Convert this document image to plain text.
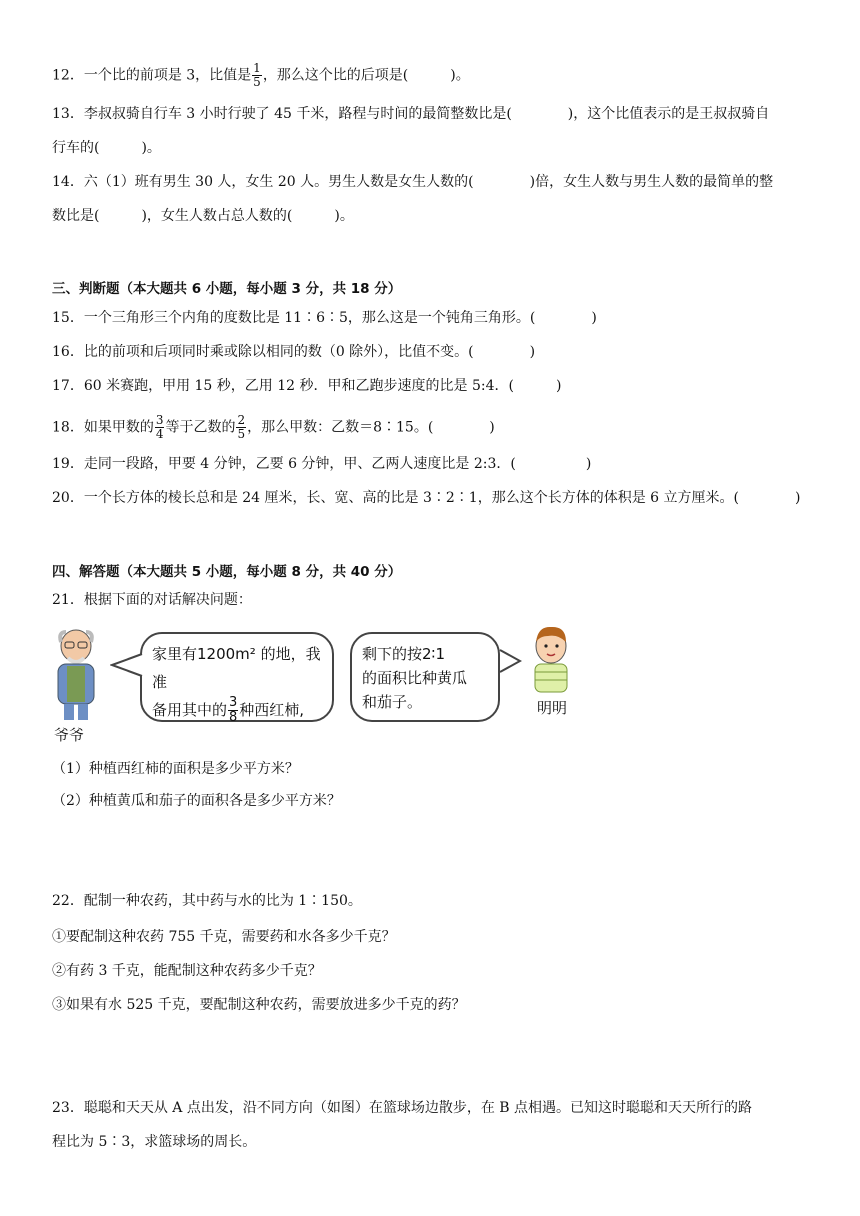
12．一个比的前项是 3，比值是 $\frac{1}{5}$ ，那么这个比的后项是(　　　)。
13．李叔叔骑自行车 3 小时行驶了 45 千米，路程与时间的最简整数比是(　　　　)，这个比值表示的是王叔叔骑自
行车的(　　　)。
14．六（1）班有男生 30 人，女生 20 人。男生人数是女生人数的(　　　　)倍，女生人数与男生人数的最简单的整
数比是(　　　)，女生人数占总人数的(　　　)。
三、判断题（本大题共 6 小题，每小题 3 分，共 18 分）
15．一个三角形三个内角的度数比是 11∶6∶5，那么这是一个钝角三角形。(　　　　)
16．比的前项和后项同时乘或除以相同的数（0 除外），比值不变。(　　　　)
17．60 米赛跑，甲用 15 秒，乙用 12 秒．甲和乙跑步速度的比是 5:4．(　　　)
18．如果甲数的 $\frac{3}{4}$ 等于乙数的 $\frac{2}{5}$ ，那么甲数：乙数＝8∶15。(　　　　)
19．走同一段路，甲要 4 分钟，乙要 6 分钟，甲、乙两人速度比是 2:3．(　　　　　)
20．一个长方体的棱长总和是 24 厘米，长、宽、高的比是 3∶2∶1，那么这个长方体的体积是 6 立方厘米。(　　　　)
四、解答题（本大题共 5 小题，每小题 8 分，共 40 分）
21．根据下面的对话解决问题：
爷爷
家里有1200m² 的地，我准
备用其中的 $\frac{3}{8}$ 种西红柿,
剩下的按2∶1
的面积比种黄瓜
和茄子。	明明
（1）种植西红柿的面积是多少平方米？
（2）种植黄瓜和茄子的面积各是多少平方米？
22．配制一种农药，其中药与水的比为 1∶150。
①要配制这种农药 755 千克，需要药和水各多少千克？
②有药 3 千克，能配制这种农药多少千克？
③如果有水 525 千克，要配制这种农药，需要放进多少千克的药？
23．聪聪和天天从 A 点出发，沿不同方向（如图）在篮球场边散步，在 B 点相遇。已知这时聪聪和天天所行的路
程比为 5∶3，求篮球场的周长。
